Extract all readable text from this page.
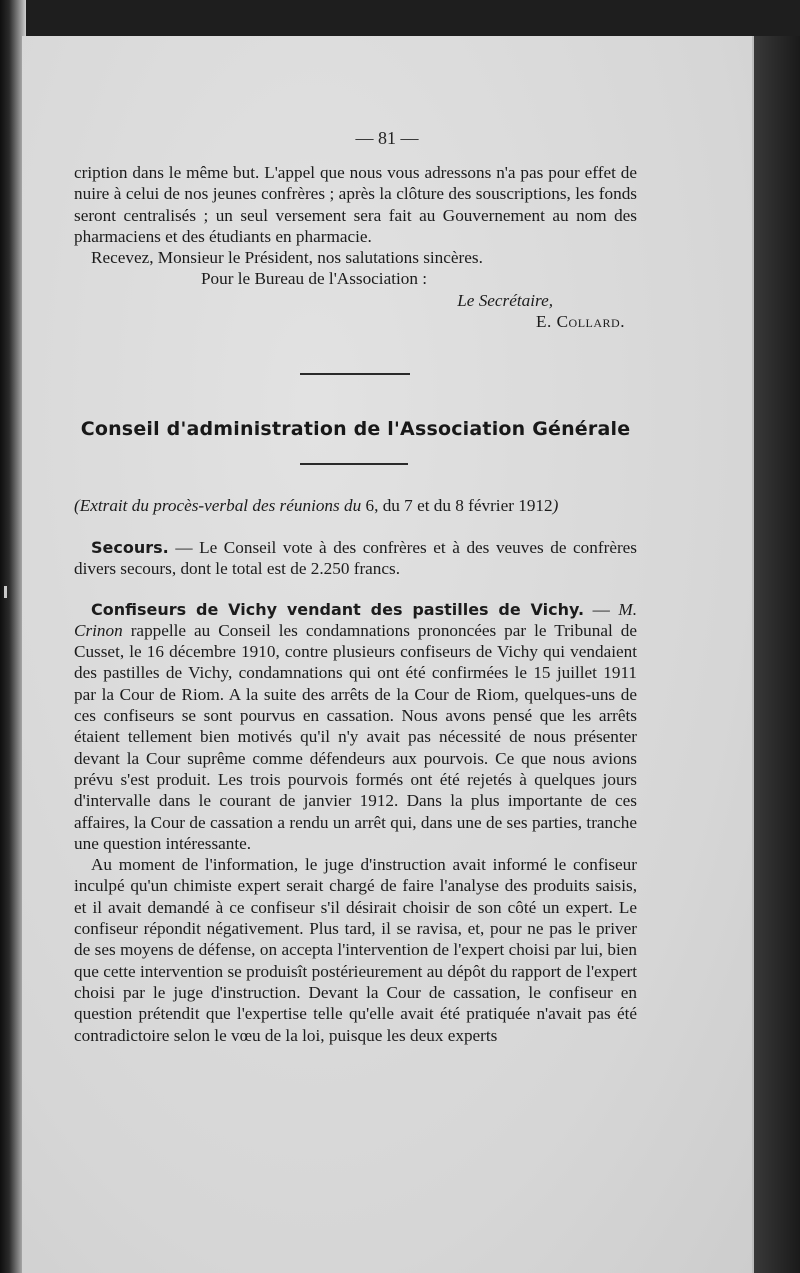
— 81 —

cription dans le même but. L'appel que nous vous adressons n'a pas pour effet de nuire à celui de nos jeunes confrères ; après la clôture des souscriptions, les fonds seront centralisés ; un seul versement sera fait au Gouvernement au nom des pharmaciens et des étudiants en pharmacie.

Recevez, Monsieur le Président, nos salutations sincères.

Pour le Bureau de l'Association :

Le Secrétaire,

E. Collard.

Conseil d'administration de l'Association Générale
(Extrait du procès-verbal des réunions du 6, du 7 et du 8 février 1912)

Secours. — Le Conseil vote à des confrères et à des veuves de confrères divers secours, dont le total est de 2.250 francs.

Confiseurs de Vichy vendant des pastilles de Vichy. — M. Crinon rappelle au Conseil les condamnations prononcées par le Tribunal de Cusset, le 16 décembre 1910, contre plusieurs confiseurs de Vichy qui vendaient des pastilles de Vichy, condamnations qui ont été confirmées le 15 juillet 1911 par la Cour de Riom. A la suite des arrêts de la Cour de Riom, quelques-uns de ces confiseurs se sont pourvus en cassation. Nous avons pensé que les arrêts étaient tellement bien motivés qu'il n'y avait pas nécessité de nous présenter devant la Cour suprême comme défendeurs aux pourvois. Ce que nous avions prévu s'est produit. Les trois pourvois formés ont été rejetés à quelques jours d'intervalle dans le courant de janvier 1912. Dans la plus importante de ces affaires, la Cour de cassation a rendu un arrêt qui, dans une de ses parties, tranche une question intéressante.

Au moment de l'information, le juge d'instruction avait informé le confiseur inculpé qu'un chimiste expert serait chargé de faire l'analyse des produits saisis, et il avait demandé à ce confiseur s'il désirait choisir de son côté un expert. Le confiseur répondit négativement. Plus tard, il se ravisa, et, pour ne pas le priver de ses moyens de défense, on accepta l'intervention de l'expert choisi par lui, bien que cette intervention se produisît postérieurement au dépôt du rapport de l'expert choisi par le juge d'instruction. Devant la Cour de cassation, le confiseur en question prétendit que l'expertise telle qu'elle avait été pratiquée n'avait pas été contradictoire selon le vœu de la loi, puisque les deux experts
